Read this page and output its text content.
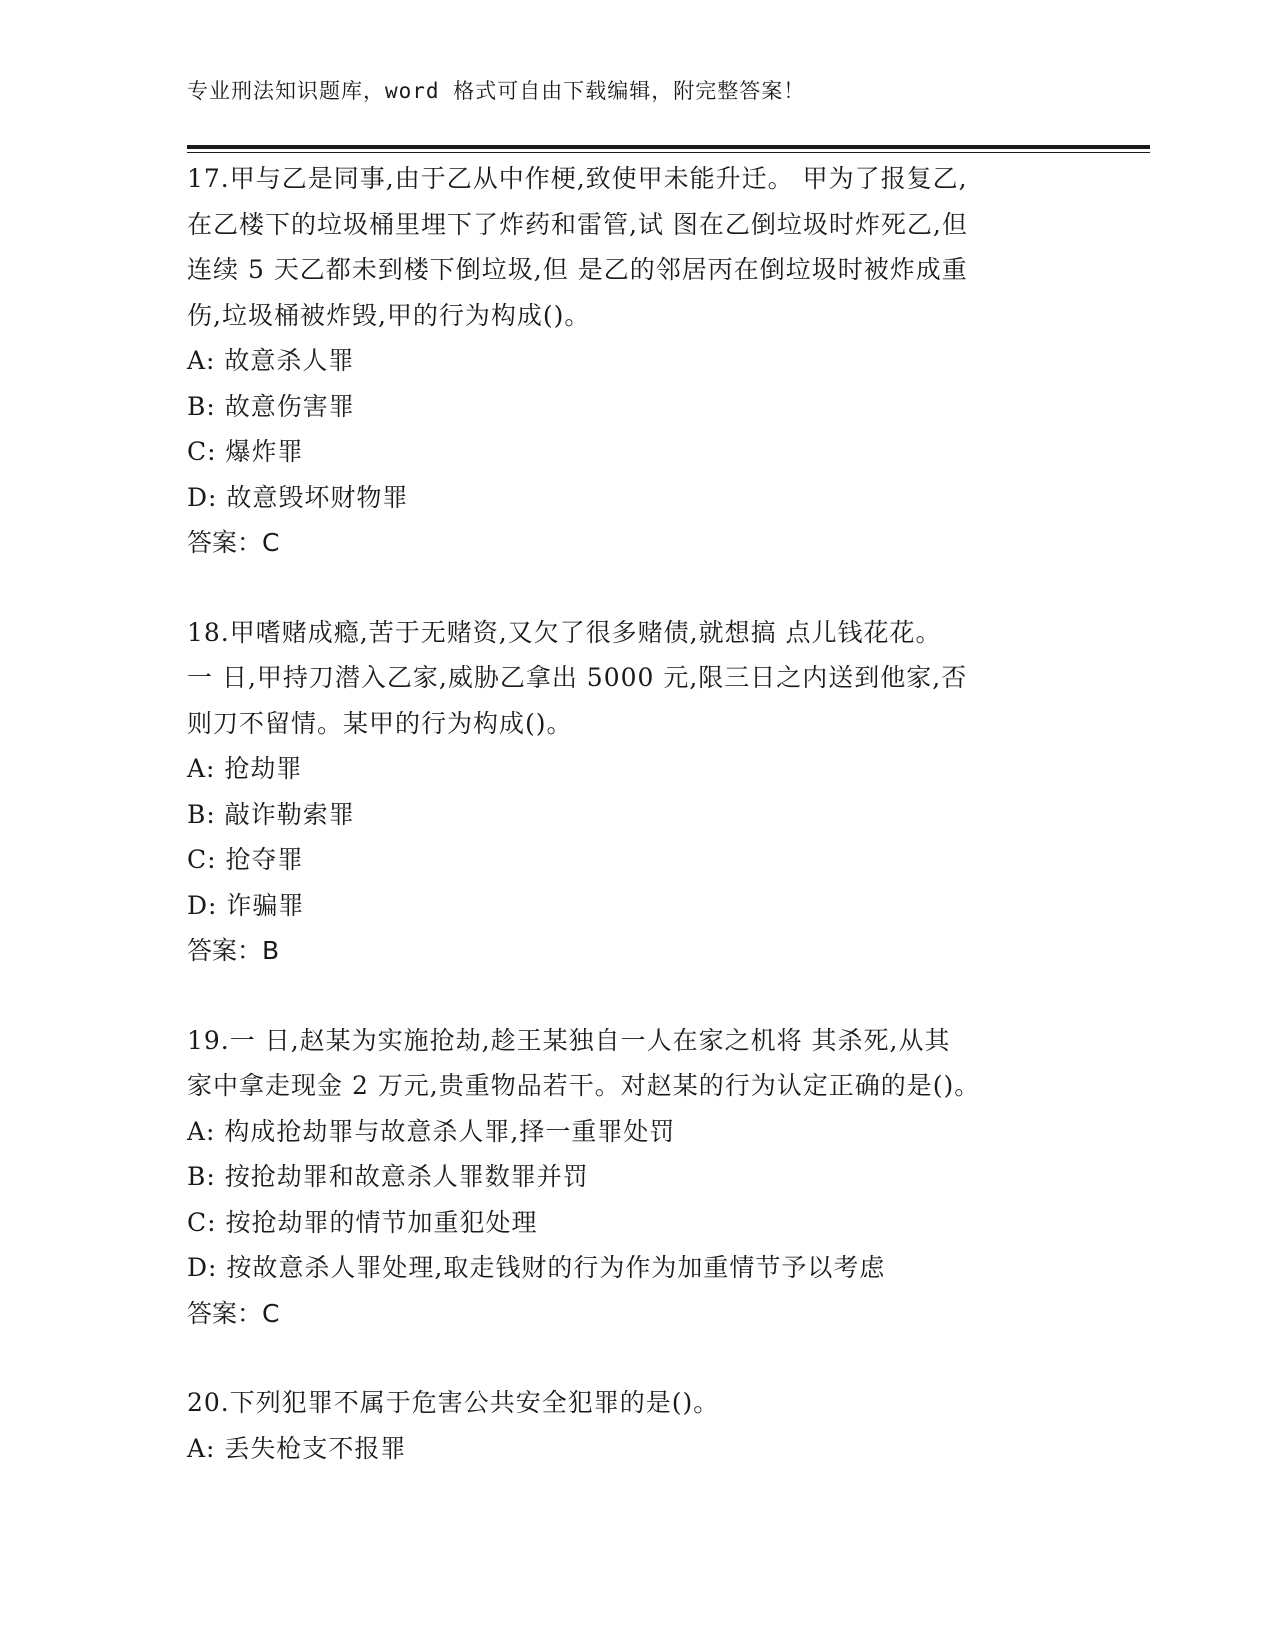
专业刑法知识题库，word 格式可自由下载编辑，附完整答案！
17.甲与乙是同事,由于乙从中作梗,致使甲未能升迁。 甲为了报复乙,
在乙楼下的垃圾桶里埋下了炸药和雷管,试 图在乙倒垃圾时炸死乙,但
连续 5 天乙都未到楼下倒垃圾,但 是乙的邻居丙在倒垃圾时被炸成重
伤,垃圾桶被炸毁,甲的行为构成()。
A: 故意杀人罪
B: 故意伤害罪
C: 爆炸罪
D: 故意毁坏财物罪
答案：C
18.甲嗜赌成瘾,苦于无赌资,又欠了很多赌债,就想搞 点儿钱花花。
一 日,甲持刀潜入乙家,威胁乙拿出 5000 元,限三日之内送到他家,否
则刀不留情。某甲的行为构成()。
A: 抢劫罪
B: 敲诈勒索罪
C: 抢夺罪
D: 诈骗罪
答案：B
19.一 日,赵某为实施抢劫,趁王某独自一人在家之机将 其杀死,从其
家中拿走现金 2 万元,贵重物品若干。对赵某的行为认定正确的是()。
A: 构成抢劫罪与故意杀人罪,择一重罪处罚
B: 按抢劫罪和故意杀人罪数罪并罚
C: 按抢劫罪的情节加重犯处理
D: 按故意杀人罪处理,取走钱财的行为作为加重情节予以考虑
答案：C
20.下列犯罪不属于危害公共安全犯罪的是()。
A: 丢失枪支不报罪
